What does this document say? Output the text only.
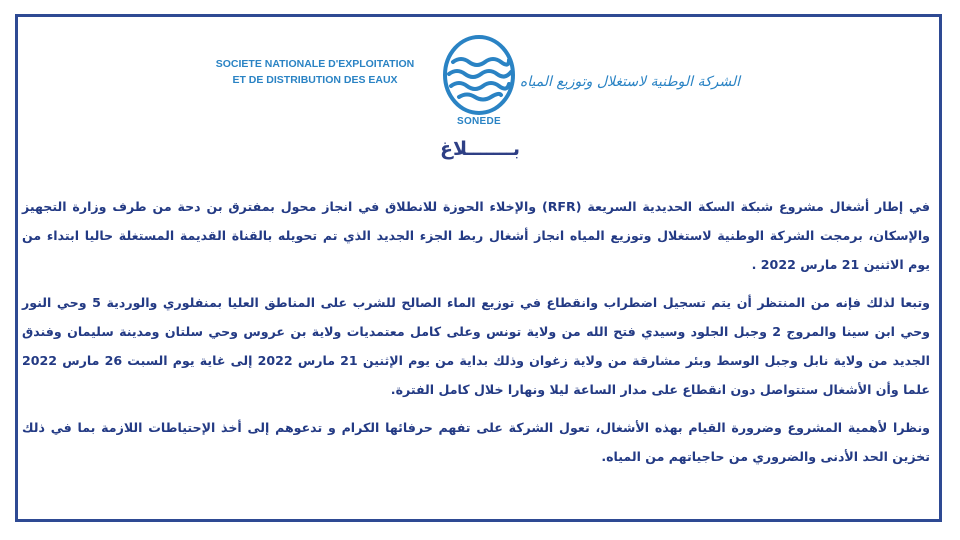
SOCIETE NATIONALE D'EXPLOITATION
ET DE DISTRIBUTION DES EAUX
SONEDE
الشركة الوطنية لاستغلال وتوزيع المياه
بـــــــلاغ

في إطار أشغال مشروع شبكة السكة الحديدية السريعة (RFR) والإخلاء الحوزة للانطلاق في انجاز محول بمفترق بن دحة من طرف وزارة التجهيز والإسكان، برمجت الشركة الوطنية لاستغلال وتوزيع المياه انجاز أشغال ربط الجزء الجديد الذي تم تحويله بالقناة القديمة المستغلة حاليا ابتداء من يوم الاثنين 21 مارس 2022 .

وتبعا لذلك فإنه من المنتظر أن يتم تسجيل اضطراب وانقطاع في توزيع الماء الصالح للشرب على المناطق العليا بمنفلوري والوردية 5 وحي النور وحي ابن سينا والمروج 2 وجبل الجلود وسيدي فتح الله من ولاية تونس وعلى كامل معتمديات ولاية بن عروس وحي سلتان ومدينة سليمان وفندق الجديد من ولاية نابل وجبل الوسط وبئر مشارقة من ولاية زغوان وذلك بداية من يوم الإثنين 21 مارس 2022 إلى غاية يوم السبت 26 مارس 2022 علما وأن الأشغال ستتواصل دون انقطاع على مدار الساعة ليلا ونهارا خلال كامل الفترة.

ونظرا لأهمية المشروع وضرورة القيام بهذه الأشغال، تعول الشركة على تفهم حرفائها الكرام و تدعوهم إلى أخذ الإحتياطات اللازمة بما في ذلك تخزين الحد الأدنى والضروري من حاجياتهم من المياه.
